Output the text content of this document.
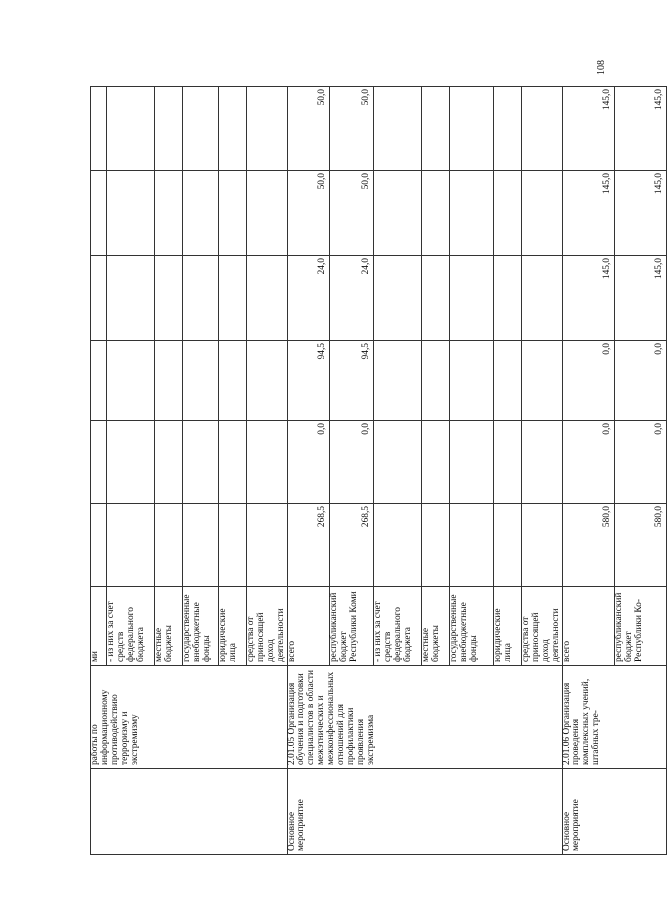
108
	работы по информационному противодействию терроризму и экстремизму	ми							
		- из них за счет средств федерального бюджета							
		местные бюджеты							
		государственные внебюджетные фонды							
		юридические лица							
		средства от приносящей доход деятельности							
Основное мероприятие	2.01.05 Организация обучения и подготовки специалистов в области межэтнических и межконфессиональных отношений для профилактики проявления экстремизма	всего	268,5	0,0	94,5	24,0	50,0	50,0	
		республиканский бюджет Республики Коми	268,5	0,0	94,5	24,0	50,0	50,0	
		- из них за счет средств федерального бюджета							
		местные бюджеты							
		государственные внебюджетные фонды							
		юридические лица							
		средства от приносящей доход деятельности							
Основное мероприятие	2.01.06 Организация проведения комплексных учений, штабных тре-	всего	580,0	0,0	0,0	145,0	145,0	145,0	
		республиканский бюджет Республики Ко-	580,0	0,0	0,0	145,0	145,0	145,0	
